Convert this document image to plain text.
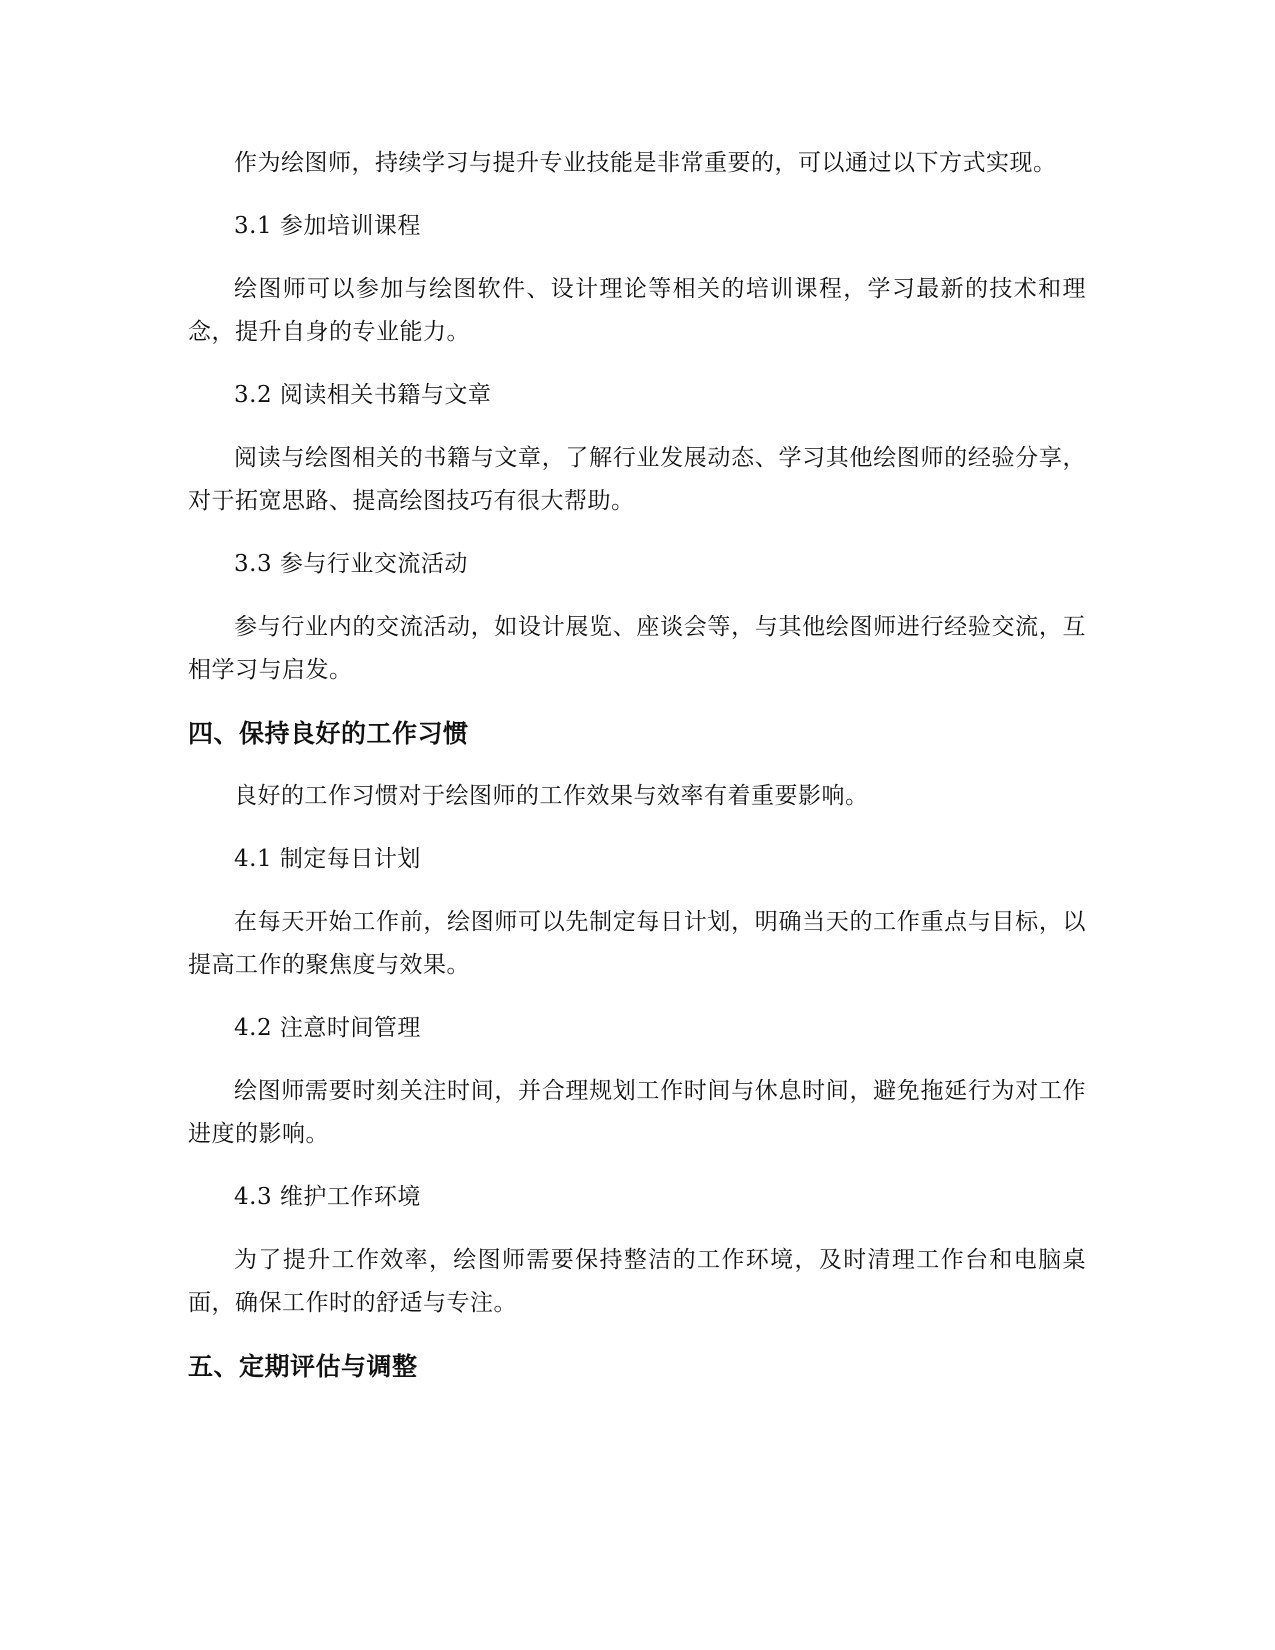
作为绘图师，持续学习与提升专业技能是非常重要的，可以通过以下方式实现。

3.1 参加培训课程

绘图师可以参加与绘图软件、设计理论等相关的培训课程，学习最新的技术和理念，提升自身的专业能力。

3.2 阅读相关书籍与文章

阅读与绘图相关的书籍与文章，了解行业发展动态、学习其他绘图师的经验分享，对于拓宽思路、提高绘图技巧有很大帮助。

3.3 参与行业交流活动

参与行业内的交流活动，如设计展览、座谈会等，与其他绘图师进行经验交流，互相学习与启发。

四、保持良好的工作习惯

良好的工作习惯对于绘图师的工作效果与效率有着重要影响。

4.1 制定每日计划

在每天开始工作前，绘图师可以先制定每日计划，明确当天的工作重点与目标，以提高工作的聚焦度与效果。

4.2 注意时间管理

绘图师需要时刻关注时间，并合理规划工作时间与休息时间，避免拖延行为对工作进度的影响。

4.3 维护工作环境

为了提升工作效率，绘图师需要保持整洁的工作环境，及时清理工作台和电脑桌面，确保工作时的舒适与专注。

五、定期评估与调整
